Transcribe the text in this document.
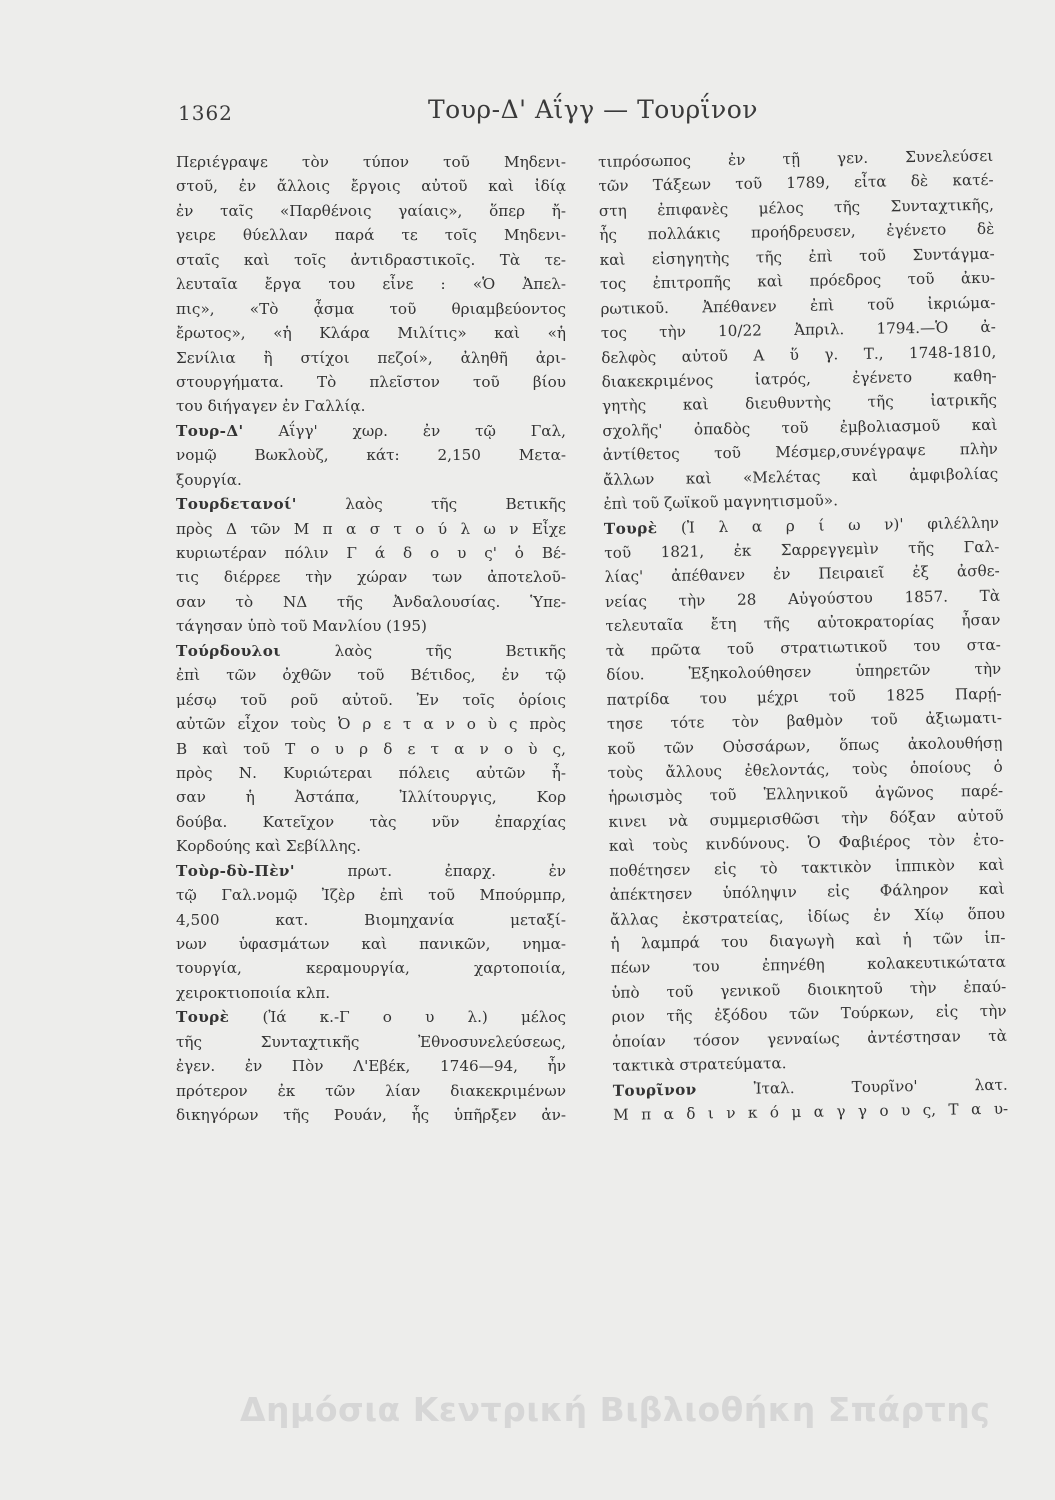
1362	Τουρ-Δ' Αΐγγ — Τουρΐνον
Περιέγραψε τὸν τύπον τοῦ Μηδενι-
στοῦ, ἐν ἄλλοις ἔργοις αὐτοῦ καὶ ἰδίᾳ
ἐν ταῖς «Παρθένοις γαίαις», ὅπερ ἤ-
γειρε θύελλαν παρά τε τοῖς Μηδενι-
σταῖς καὶ τοῖς ἀντιδραστικοῖς. Τὰ τε-
λευταῖα ἔργα του εἶνε : «Ὁ Ἀπελ-
πις», «Τὸ ᾆσμα τοῦ θριαμβεύοντος
ἔρωτος», «ἡ Κλάρα Μιλίτις» καὶ «ἡ
Σενίλια ἢ στίχοι πεζοί», ἀληθῆ ἀρι-
στουργήματα. Τὸ πλεῖστον τοῦ βίου
του διήγαγεν ἐν Γαλλίᾳ.
Τουρ-Δ' Αΐγγ' χωρ. ἐν τῷ Γαλ,
νομῷ Βωκλοὺζ, κάτ: 2,150 Μετα-
ξουργία.
Τουρδετανοί' λαὸς τῆς Βετικῆς
πρὸς Δ τῶν Μ π α σ τ ο ύ λ ω ν Εἶχε
κυριωτέραν πόλιν Γ ά δ ο υ ς' ὁ Βέ-
τις διέρρεε τὴν χώραν των ἀποτελοῦ-
σαν τὸ ΝΔ τῆς Ἀνδαλουσίας. Ὑπε-
τάγησαν ὑπὸ τοῦ Μανλίου (195)
Τούρδουλοι λαὸς τῆς Βετικῆς
ἐπὶ τῶν ὀχθῶν τοῦ Βέτιδος, ἐν τῷ
μέσῳ τοῦ ροῦ αὐτοῦ. Ἐν τοῖς ὁρίοις
αὐτῶν εἶχον τοὺς Ὀ ρ ε τ α ν ο ὺ ς πρὸς
Β καὶ τοῦ Τ ο υ ρ δ ε τ α ν ο ὺ ς,
πρὸς Ν. Κυριώτεραι πόλεις αὐτῶν ἦ-
σαν ἡ Ἀστάπα, Ἰλλίτουργις, Κορ
δούβα. Κατεῖχον τὰς νῦν ἐπαρχίας
Κορδούης καὶ Σεβίλλης.
Τοὺρ-δὺ-Πὲν' πρωτ. ἐπαρχ. ἐν
τῷ Γαλ.νομῷ Ἰζὲρ ἐπὶ τοῦ Μπούρμπρ,
4,500 κατ. Βιομηχανία μεταξί-
νων ὑφασμάτων καὶ πανικῶν, νημα-
τουργία, κεραμουργία, χαρτοποιία,
χειροκτιοποιία κλπ.
Τουρὲ (Ἰά κ.-Γ ο υ λ.) μέλος
τῆς Συνταχτικῆς Ἐθνοσυνελεύσεως,
ἐγεν. ἐν Πὸν Λ'Εβέκ, 1746—94, ἦν
πρότερον ἐκ τῶν λίαν διακεκριμένων
δικηγόρων τῆς Ρουάν, ἧς ὑπῆρξεν ἀν-
τιπρόσωπος ἐν τῇ γεν. Συνελεύσει
τῶν Τάξεων τοῦ 1789, εἶτα δὲ κατέ-
στη ἐπιφανὲς μέλος τῆς Συνταχτικῆς,
ἧς πολλάκις προήδρευσεν, ἐγένετο δὲ
καὶ εἰσηγητὴς τῆς ἐπὶ τοῦ Συντάγμα-
τος ἐπιτροπῆς καὶ πρόεδρος τοῦ ἀκυ-
ρωτικοῦ. Ἀπέθανεν ἐπὶ τοῦ ἰκριώμα-
τος τὴν 10/22 Ἀπριλ. 1794.—Ὁ ἀ-
δελφὸς αὐτοῦ Α ὕ γ. Τ., 1748-1810,
διακεκριμένος ἰατρός, ἐγένετο καθη-
γητὴς καὶ διευθυντὴς τῆς ἰατρικῆς
σχολῆς' ὀπαδὸς τοῦ ἐμβολιασμοῦ καὶ
ἀντίθετος τοῦ Μέσμερ,συνέγραψε πλὴν
ἄλλων καὶ «Μελέτας καὶ ἀμφιβολίας
ἐπὶ τοῦ ζωϊκοῦ μαγνητισμοῦ».
Τουρὲ (Ἰ λ α ρ ί ω ν)' φιλέλλην
τοῦ 1821, ἐκ Σαρρεγγεμὶν τῆς Γαλ-
λίας' ἀπέθανεν ἐν Πειραιεῖ ἐξ ἀσθε-
νείας τὴν 28 Αὐγούστου 1857. Τὰ
τελευταῖα ἔτη τῆς αὐτοκρατορίας ἦσαν
τὰ πρῶτα τοῦ στρατιωτικοῦ του στα-
δίου. Ἐξηκολούθησεν ὑπηρετῶν τὴν
πατρίδα του μέχρι τοῦ 1825 Παρῄ-
τησε τότε τὸν βαθμὸν τοῦ ἀξιωματι-
κοῦ τῶν Οὐσσάρων, ὅπως ἀκολουθήσῃ
τοὺς ἄλλους ἐθελοντάς, τοὺς ὁποίους ὁ
ἡρωισμὸς τοῦ Ἑλληνικοῦ ἀγῶνος παρέ-
κινει νὰ συμμερισθῶσι τὴν δόξαν αὐτοῦ
καὶ τοὺς κινδύνους. Ὁ Φαβιέρος τὸν ἐτο-
ποθέτησεν εἰς τὸ τακτικὸν ἱππικὸν καὶ
ἀπέκτησεν ὑπόληψιν εἰς Φάληρον καὶ
ἄλλας ἐκστρατείας, ἰδίως ἐν Χίῳ ὅπου
ἡ λαμπρά του διαγωγὴ καὶ ἡ τῶν ἱπ-
πέων του ἐπηνέθη κολακευτικώτατα
ὑπὸ τοῦ γενικοῦ διοικητοῦ τὴν ἐπαύ-
ριον τῆς ἐξόδου τῶν Τούρκων, εἰς τὴν
ὁποίαν τόσον γενναίως ἀντέστησαν τὰ
τακτικὰ στρατεύματα.
Τουρῖνον Ἰταλ. Τουρῖνο' λατ.
Μ π α δ ι ν κ ό μ α γ γ ο υ ς, Τ α υ-
Δημόσια Κεντρική Βιβλιοθήκη Σπάρτης
